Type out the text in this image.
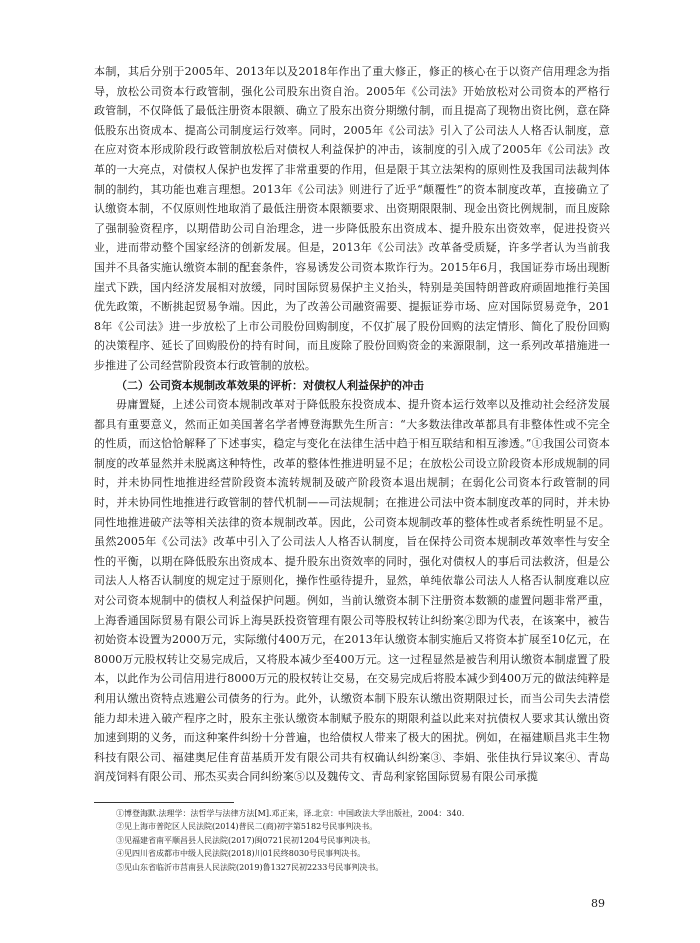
本制，其后分别于2005年、2013年以及2018年作出了重大修正，修正的核心在于以资产信用理念为指导，放松公司资本行政管制，强化公司股东出资自治。2005年《公司法》开始放松对公司资本的严格行政管制，不仅降低了最低注册资本限额、确立了股东出资分期缴付制，而且提高了现物出资比例，意在降低股东出资成本、提高公司制度运行效率。同时，2005年《公司法》引入了公司法人人格否认制度，意在应对资本形成阶段行政管制放松后对债权人利益保护的冲击，该制度的引入成了2005年《公司法》改革的一大亮点，对债权人保护也发挥了非常重要的作用，但是限于其立法架构的原则性及我国司法裁判体制的制约，其功能也难言理想。2013年《公司法》则进行了近乎“颠覆性”的资本制度改革，直接确立了认缴资本制，不仅原则性地取消了最低注册资本限额要求、出资期限限制、现金出资比例规制，而且废除了强制验资程序，以期借助公司自治理念，进一步降低股东出资成本、提升股东出资效率，促进投资兴业，进而带动整个国家经济的创新发展。但是，2013年《公司法》改革备受质疑，许多学者认为当前我国并不具备实施认缴资本制的配套条件，容易诱发公司资本欺诈行为。2015年6月，我国证券市场出现断崖式下跌，国内经济发展相对放缓，同时国际贸易保护主义抬头，特别是美国特朗普政府顽固地推行美国优先政策，不断挑起贸易争端。因此，为了改善公司融资需要、提振证券市场、应对国际贸易竞争，2018年《公司法》进一步放松了上市公司股份回购制度，不仅扩展了股份回购的法定情形、简化了股份回购的决策程序、延长了回购股份的持有时间，而且废除了股份回购资金的来源限制，这一系列改革措施进一步推进了公司经营阶段资本行政管制的放松。

（二）公司资本规制改革效果的评析：对债权人利益保护的冲击

毋庸置疑，上述公司资本规制改革对于降低股东投资成本、提升资本运行效率以及推动社会经济发展都具有重要意义，然而正如美国著名学者博登海默先生所言：“大多数法律改革都具有非整体性或不完全的性质，而这恰恰解释了下述事实，稳定与变化在法律生活中趋于相互联结和相互渗透。”①我国公司资本制度的改革显然并未脱离这种特性，改革的整体性推进明显不足；在放松公司设立阶段资本形成规制的同时，并未协同性地推进经营阶段资本流转规制及破产阶段资本退出规制；在弱化公司资本行政管制的同时，并未协同性地推进行政管制的替代机制——司法规制；在推进公司法中资本制度改革的同时，并未协同性地推进破产法等相关法律的资本规制改革。因此，公司资本规制改革的整体性或者系统性明显不足。虽然2005年《公司法》改革中引入了公司法人人格否认制度，旨在保持公司资本规制改革效率性与安全性的平衡，以期在降低股东出资成本、提升股东出资效率的同时，强化对债权人的事后司法救济，但是公司法人人格否认制度的规定过于原则化，操作性亟待提升，显然，单纯依靠公司法人人格否认制度难以应对公司资本规制中的债权人利益保护问题。例如，当前认缴资本制下注册资本数额的虚置问题非常严重，上海香通国际贸易有限公司诉上海昊跃投资管理有限公司等股权转让纠纷案②即为代表，在该案中，被告初始资本设置为2000万元，实际缴付400万元，在2013年认缴资本制实施后又将资本扩展至10亿元，在8000万元股权转让交易完成后，又将股本减少至400万元。这一过程显然是被告利用认缴资本制虚置了股本，以此作为公司信用进行8000万元的股权转让交易，在交易完成后将股本减少到400万元的做法纯粹是利用认缴出资特点逃避公司债务的行为。此外，认缴资本制下股东认缴出资期限过长，而当公司失去清偿能力却未进入破产程序之时，股东主张认缴资本制赋予股东的期限利益以此来对抗债权人要求其认缴出资加速到期的义务，而这种案件纠纷十分普遍，也给债权人带来了极大的困扰。例如，在福建顺昌兆丰生物科技有限公司、福建奥尼佳育苗基质开发有限公司共有权确认纠纷案③、李娟、张佳执行异议案④、青岛润茂饲料有限公司、邢杰买卖合同纠纷案⑤以及魏传文、青岛利家铭国际贸易有限公司承揽

①博登海默.法理学：法哲学与法律方法[M].邓正来，译.北京：中国政法大学出版社，2004：340.

②见上海市普陀区人民法院(2014)普民二(商)初字第5182号民事判决书。

③见福建省南平顺昌县人民法院(2017)闽0721民初1204号民事判决书。

④见四川省成都市中级人民法院(2018)川01民终8030号民事判决书。

⑤见山东省临沂市莒南县人民法院(2019)鲁1327民初2233号民事判决书。

89
